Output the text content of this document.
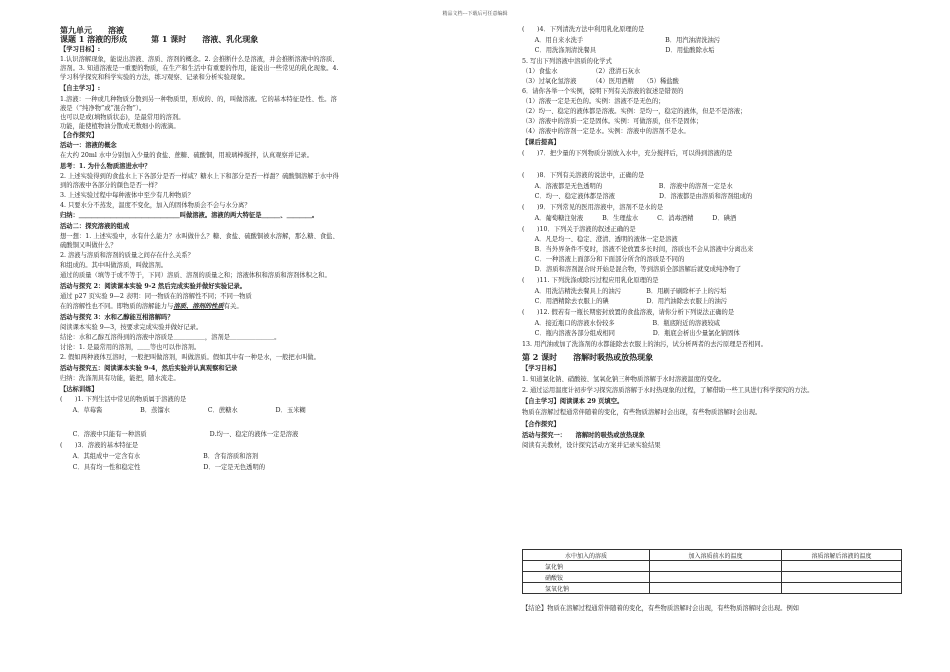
精品文档---下载后可任意编辑
第九单元　　溶液
课题 1 溶液的形成　　　第 1 课时　　溶液、乳化现象
【学习目标】:
1.认识溶解现象，能说出溶液、溶质、溶剂的概念。2. 会推断什么是溶液，并会推断溶液中的溶质、
溶剂。3. 知道溶液是一重要的物质，在生产和生活中有重要的作用，能说出一些常见的乳化现象。4.
学习科学探究和科学实验的方法，练习观察、记录和分析实验现象。
【自主学习】:
1.溶液：一种或几种物质分散到另一种物质里，形成的、的，叫做溶液。它的基本特征是性、性。溶
液是（“纯净物”或“混合物”）。
也可以是或(填物质状态)，是最常用的溶剂。
功能，能使植物油分散成无数细小的液滴。
【合作探究】
活动一：溶液的概念
在大约 20ml 水中分别加入少量的食盐、蔗糖、硫酸铜，用玻璃棒搅拌，认真观察并记录。
思考：1. 为什么物质溶进水中？
2. 上述实验得到的食盐水上下各部分是否一样咸？糖水上下和部分是否一样甜？硫酸铜溶解于水中得
到的溶液中各部分的颜色是否一样？
3. 上述实验过程中每种液体中至少有几种物质？
4. 只要水分不蒸发，温度不变化，加入的固体物质会不会与水分离？
归纳：＿＿＿＿＿＿＿＿＿＿＿＿＿＿＿＿叫做溶液。溶液的两大特征是＿＿＿、＿＿＿＿。
活动二：探究溶液的组成
想一想：1. 上述实验中，水有什么能力？水叫做什么？糖、食盐、硫酸铜被水溶解，那么糖、食盐、
硫酸铜又叫做什么？
2. 溶液与溶质和溶剂的质量之间存在什么关系？
和组成的。其中叫做溶质，叫做溶剂。
通过的质量（填等于或不等于，下同）溶质、溶剂的质量之和；溶液体积和溶质和溶剂体积之和。
活动与探究 2：阅读课本实验 9-2 然后完成实验并做好实验记录。
通过 p27 页实验 9—2 表明：同一物质在的溶解性不同；不同一物质
在的溶解性也不同。即物质的溶解能力与溶质、溶剂的性质有关。
活动与探究 3：水和乙醇能互相溶解吗？
阅读课本实验 9—3，按要求完成实验并做好记录。
结论：水和乙醇互溶得到的溶液中溶质是＿＿＿＿＿，溶剂是＿＿＿＿＿＿＿。
讨论：1. 是最常用的溶剂，＿＿等也可以作溶剂。
2. 假如两种液体互溶时，一般把叫做溶剂，叫做溶质。假如其中有一种是水，一般把水叫做。
活动与探究五：阅读课本实验 9-4，然后实验并认真观察和记录
归纳：洗涤剂具有功能，能把，随水流走。
【达标训练】
(　　)1. 下列生活中常见的物质属于溶液的是
　　A．草莓酱　　　　　　B．蒸馏水　　　　　　C．蔗糖水　　　　　　D．玉米糊
　　C．溶液中只能有一种溶质　　　　　　　　　　D.均一、稳定的液体一定是溶液
(　　)3．溶液的基本特征是
　　A．其组成中一定含有水　　　　　　　　　　B．含有溶质和溶剂
　　C．具有均一性和稳定性　　　　　　　　　　D．一定是无色透明的
(　　)4．下列清洗方法中利用乳化原理的是
　　A．用自来水洗手　　　　　　　　　　　　　B．用汽油清洗油污
　　C．用洗涤剂清洗餐具　　　　　　　　　　　D．用盐酸除水垢
5. 写出下列溶液中溶质的化学式
（1）食盐水　　　　　　（2）澄清石灰水
（3）过氧化氢溶液　　　（4）医用酒精　　（5）稀盐酸
6．请你各举一个实例，说明下列有关溶液的叙述是错误的
（1）溶液一定是无色的。实例：溶液不是无色的；
（2）均一、稳定的液体都是溶液。实例：是均一，稳定的液体，但是不是溶液；
（3）溶液中的溶质一定是固体。实例：可做溶质，但不是固体；
（4）溶液中的溶剂一定是水。实例：溶液中的溶剂不是水。
【课后提高】
(　　)7．把少量的下列物质分别放入水中，充分搅拌后，可以得到溶液的是
(　　)8．下列有关溶液的说法中，正确的是
　　A．溶液都是无色透明的　　　　　　　　　B．溶液中的溶剂一定是水
　　C．均一、稳定液体都是溶液　　　　　　　D．溶液都是由溶质和溶剂组成的
(　　)9．下列常见的医用溶液中，溶剂不是水的是
　　A．葡萄糖注射液　　　B．生理盐水　　　C．消毒酒精　　　D．碘酒
(　　)10．下列关于溶液的叙述正确的是
　　A．凡是均一、稳定、澄清、透明的液体一定是溶液
　　B．当外界条件不变时，溶液不论放置多长时间，溶质也不会从溶液中分离出来
　　C．一种溶液上面部分和下面部分所含的溶质是不同的
　　D．溶质和溶剂混合时开始是混合物，等到溶质全部溶解后就变成纯净物了
(　　)11. 下列洗涤或除污过程应用乳化原理的是
　　A．用洗洁精洗去餐具上的油污　　　　B．用刷子刷除杯子上的污垢
　　C．用酒精除去衣服上的碘　　　　　　D．用汽油除去衣服上的油污
(　　)12. 假若有一瓶长期密封放置的食盐溶液，请你分析下列说法正确的是
　　A．接近瓶口的溶液水份较多　　　　　　B．瓶底附近的溶液较咸
　　C．瓶内溶液各部分组成相同　　　　　　D．瓶底会析出少量氯化钠固体
13. 用汽油或加了洗涤剂的水都能除去衣服上的油污，试分析两者的去污原理是否相同。
第 2 课时　　溶解时吸热或放热现象
【学习目标】
1. 知道氯化钠、硝酸铵、氢氧化钠三种物质溶解于水时溶液温度的变化。
2. 通过运用温度计初步学习探究溶质溶解于水时热现象的过程，了解借助一些工具进行科学探究的方法。
【自主学习】阅读课本 29 页填空。
物质在溶解过程通常伴随着的变化，有些物质溶解时会出现，有些物质溶解时会出现。
【合作探究】
活动与探究一：　　溶解时的吸热或放热现象
阅读有关教材，设计探究活动方案并记录实验结果
【结论】物质在溶解过程通常伴随着的变化，有些物质溶解时会出现，有些物质溶解时会出现。例如
水中加入的溶质	加入溶质前水的温度	溶质溶解后溶液的温度
氯化钠		
硝酸铵		
氢氧化钠		
